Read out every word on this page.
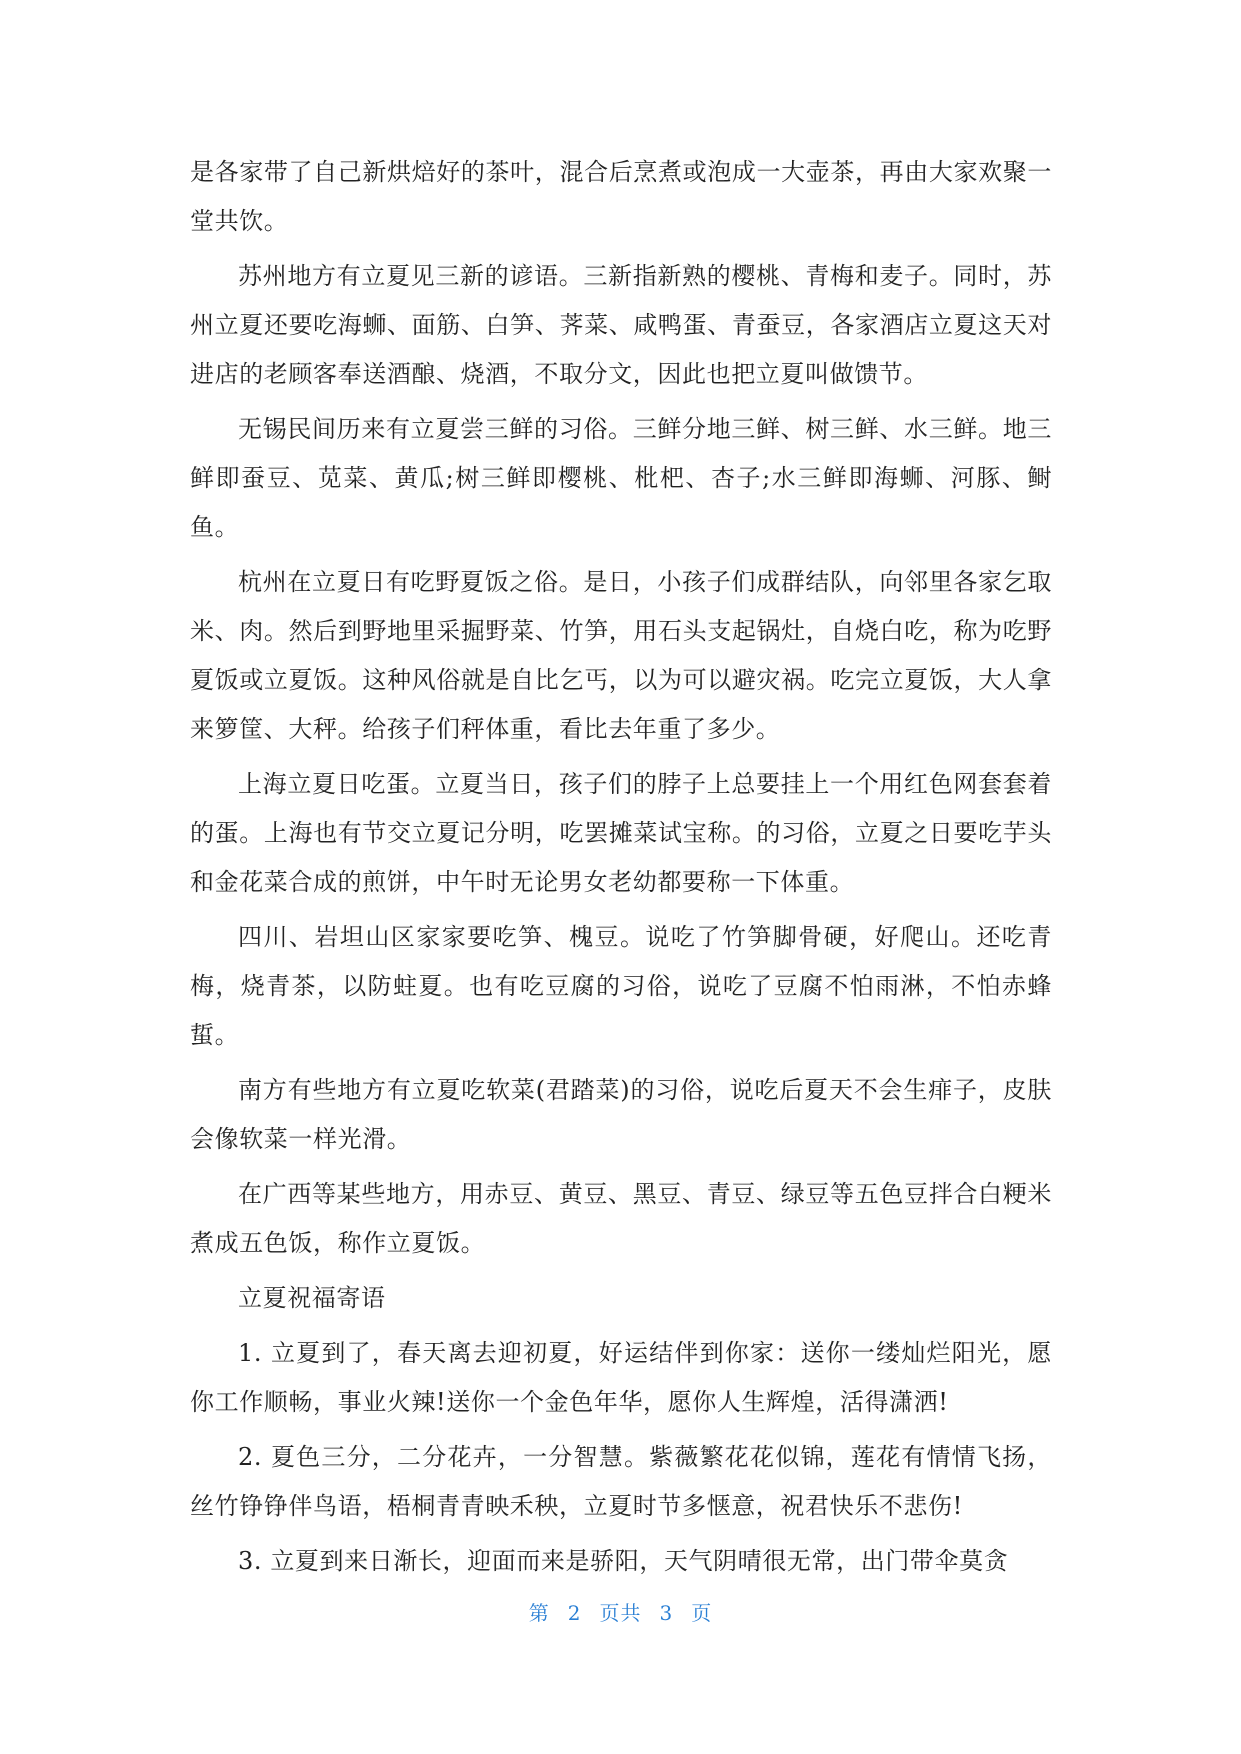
是各家带了自己新烘焙好的茶叶，混合后烹煮或泡成一大壶茶，再由大家欢聚一堂共饮。

苏州地方有立夏见三新的谚语。三新指新熟的樱桃、青梅和麦子。同时，苏州立夏还要吃海蛳、面筋、白笋、荠菜、咸鸭蛋、青蚕豆，各家酒店立夏这天对进店的老顾客奉送酒酿、烧酒，不取分文，因此也把立夏叫做馈节。

无锡民间历来有立夏尝三鲜的习俗。三鲜分地三鲜、树三鲜、水三鲜。地三鲜即蚕豆、苋菜、黄瓜;树三鲜即樱桃、枇杷、杏子;水三鲜即海蛳、河豚、鲥鱼。

杭州在立夏日有吃野夏饭之俗。是日，小孩子们成群结队，向邻里各家乞取米、肉。然后到野地里采掘野菜、竹笋，用石头支起锅灶，自烧白吃，称为吃野夏饭或立夏饭。这种风俗就是自比乞丐，以为可以避灾祸。吃完立夏饭，大人拿来箩筐、大秤。给孩子们秤体重，看比去年重了多少。

上海立夏日吃蛋。立夏当日，孩子们的脖子上总要挂上一个用红色网套套着的蛋。上海也有节交立夏记分明，吃罢摊菜试宝称。的习俗，立夏之日要吃芋头和金花菜合成的煎饼，中午时无论男女老幼都要称一下体重。

四川、岩坦山区家家要吃笋、槐豆。说吃了竹笋脚骨硬，好爬山。还吃青梅，烧青茶，以防蛀夏。也有吃豆腐的习俗，说吃了豆腐不怕雨淋，不怕赤蜂蜇。

南方有些地方有立夏吃软菜(君踏菜)的习俗，说吃后夏天不会生痱子，皮肤会像软菜一样光滑。

在广西等某些地方，用赤豆、黄豆、黑豆、青豆、绿豆等五色豆拌合白粳米煮成五色饭，称作立夏饭。

立夏祝福寄语

1. 立夏到了，春天离去迎初夏，好运结伴到你家：送你一缕灿烂阳光，愿你工作顺畅，事业火辣!送你一个金色年华，愿你人生辉煌，活得潇洒!

2. 夏色三分，二分花卉，一分智慧。紫薇繁花花似锦，莲花有情情飞扬，丝竹铮铮伴鸟语，梧桐青青映禾秧，立夏时节多惬意，祝君快乐不悲伤!

3. 立夏到来日渐长，迎面而来是骄阳，天气阴晴很无常，出门带伞莫贪

第 2 页共 3 页
